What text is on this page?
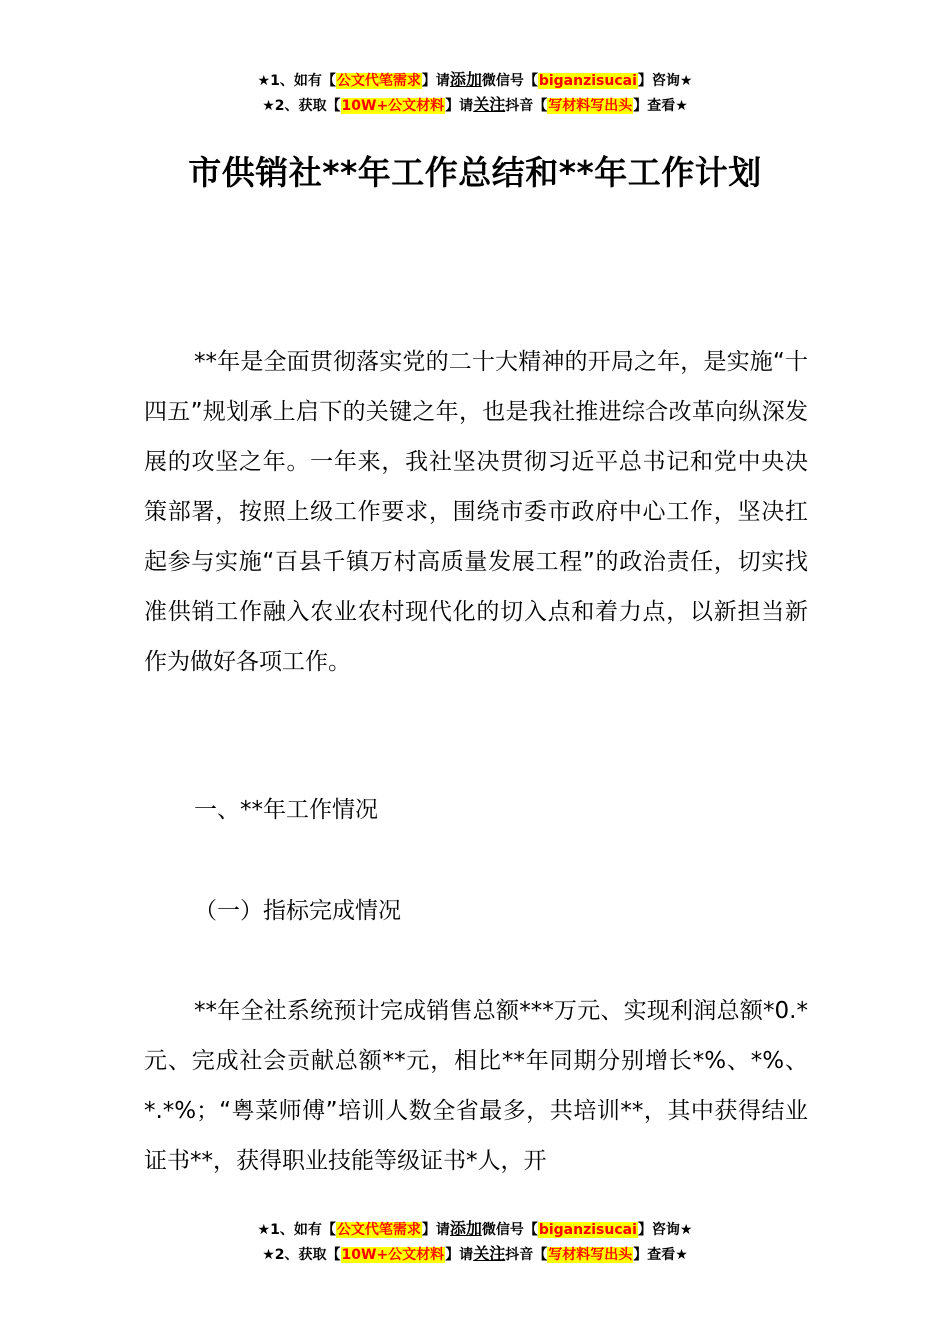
★1、如有【公文代笔需求】请添加微信号【biganzisucai】咨询★
★2、获取【10W+公文材料】请关注抖音【写材料写出头】查看★
市供销社**年工作总结和**年工作计划

**年是全面贯彻落实党的二十大精神的开局之年，是实施“十四五”规划承上启下的关键之年，也是我社推进综合改革向纵深发展的攻坚之年。一年来，我社坚决贯彻习近平总书记和党中央决策部署，按照上级工作要求，围绕市委市政府中心工作，坚决扛起参与实施“百县千镇万村高质量发展工程”的政治责任，切实找准供销工作融入农业农村现代化的切入点和着力点，以新担当新作为做好各项工作。

一、**年工作情况

（一）指标完成情况

**年全社系统预计完成销售总额***万元、实现利润总额*0.*元、完成社会贡献总额**元，相比**年同期分别增长*%、*%、*.*%；“粤菜师傅”培训人数全省最多，共培训**，其中获得结业证书**，获得职业技能等级证书*人，开

★1、如有【公文代笔需求】请添加微信号【biganzisucai】咨询★
★2、获取【10W+公文材料】请关注抖音【写材料写出头】查看★
